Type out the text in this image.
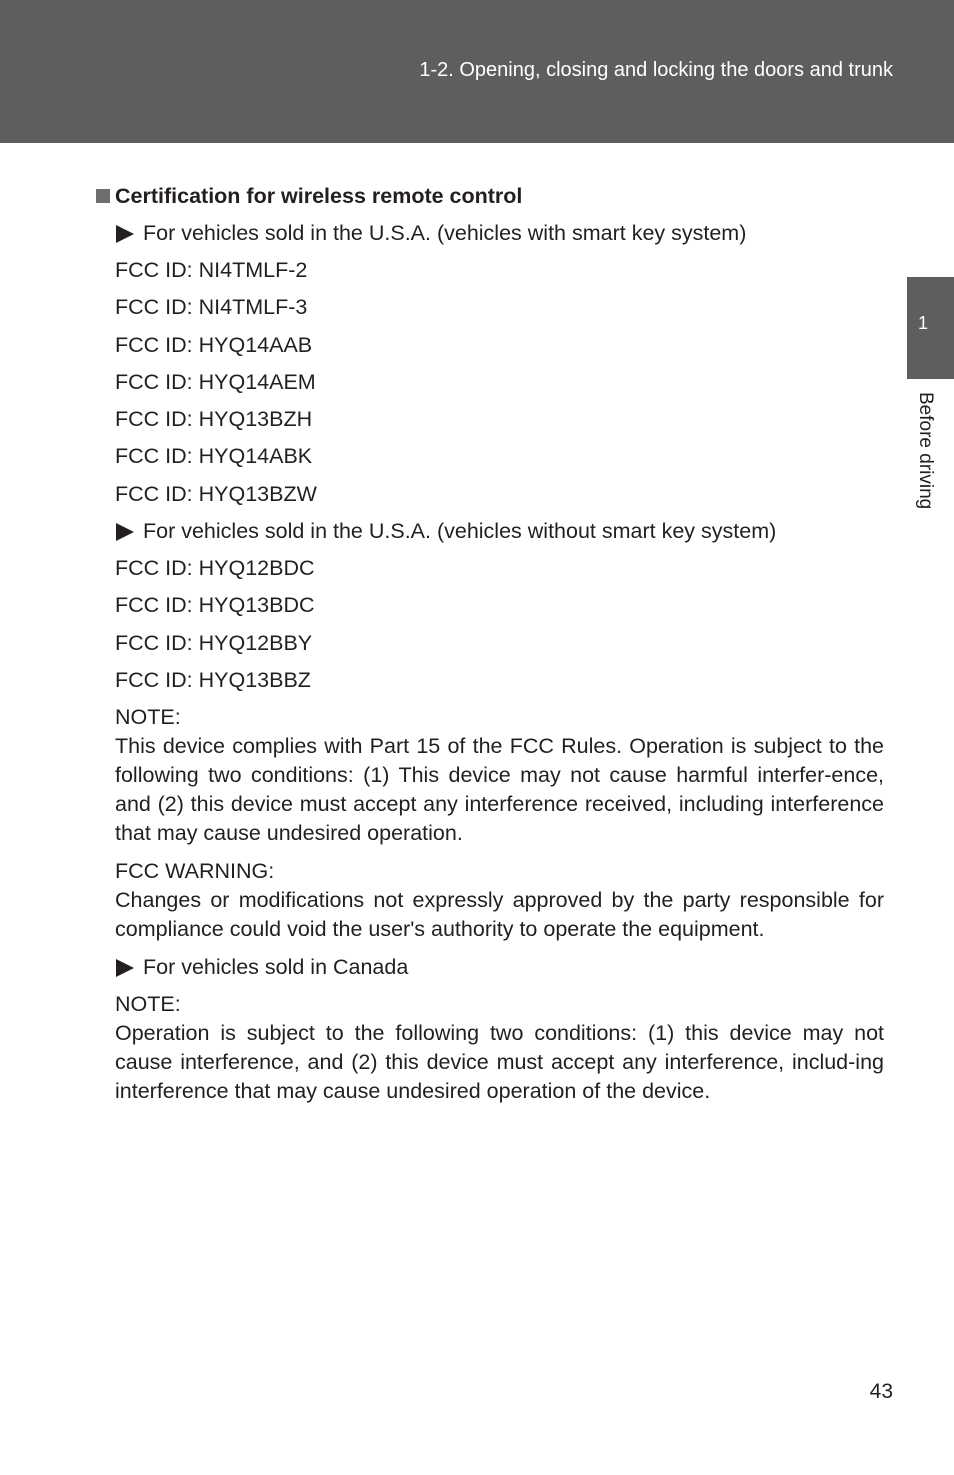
1-2. Opening, closing and locking the doors and trunk
1
Before driving
Certification for wireless remote control
For vehicles sold in the U.S.A. (vehicles with smart key system)
FCC ID: NI4TMLF-2
FCC ID: NI4TMLF-3
FCC ID: HYQ14AAB
FCC ID: HYQ14AEM
FCC ID: HYQ13BZH
FCC ID: HYQ14ABK
FCC ID: HYQ13BZW
For vehicles sold in the U.S.A. (vehicles without smart key system)
FCC ID: HYQ12BDC
FCC ID: HYQ13BDC
FCC ID: HYQ12BBY
FCC ID: HYQ13BBZ
NOTE:
This device complies with Part 15 of the FCC Rules. Operation is subject to the following two conditions: (1) This device may not cause harmful interfer-ence, and (2) this device must accept any interference received, including interference that may cause undesired operation.
FCC WARNING:
Changes or modifications not expressly approved by the party responsible for compliance could void the user's authority to operate the equipment.
For vehicles sold in Canada
NOTE:
Operation is subject to the following two conditions: (1) this device may not cause interference, and (2) this device must accept any interference, includ-ing interference that may cause undesired operation of the device.
43
